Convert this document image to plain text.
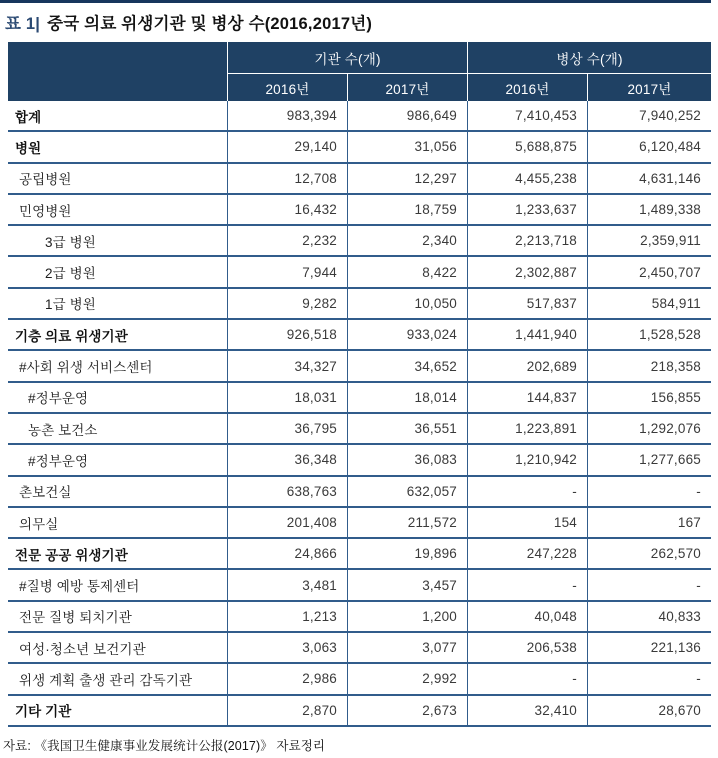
표 1| 중국 의료 위생기관 및 병상 수(2016,2017년)
기관 수(개)	병상 수(개)
2016년	2017년	2016년	2017년
합계	983,394	986,649	7,410,453	7,940,252
병원	29,140	31,056	5,688,875	6,120,484
공립병원	12,708	12,297	4,455,238	4,631,146
민영병원	16,432	18,759	1,233,637	1,489,338
3급 병원	2,232	2,340	2,213,718	2,359,911
2급 병원	7,944	8,422	2,302,887	2,450,707
1급 병원	9,282	10,050	517,837	584,911
기층 의료 위생기관	926,518	933,024	1,441,940	1,528,528
#사회 위생 서비스센터	34,327	34,652	202,689	218,358
#정부운영	18,031	18,014	144,837	156,855
농촌 보건소	36,795	36,551	1,223,891	1,292,076
#정부운영	36,348	36,083	1,210,942	1,277,665
촌보건실	638,763	632,057	-	-
의무실	201,408	211,572	154	167
전문 공공 위생기관	24,866	19,896	247,228	262,570
#질병 예방 통제센터	3,481	3,457	-	-
전문 질병 퇴치기관	1,213	1,200	40,048	40,833
여성·청소년 보건기관	3,063	3,077	206,538	221,136
위생 계획 출생 관리 감독기관	2,986	2,992	-	-
기타 기관	2,870	2,673	32,410	28,670
자료: 《我国卫生健康事业发展统计公报(2017)》 자료정리
